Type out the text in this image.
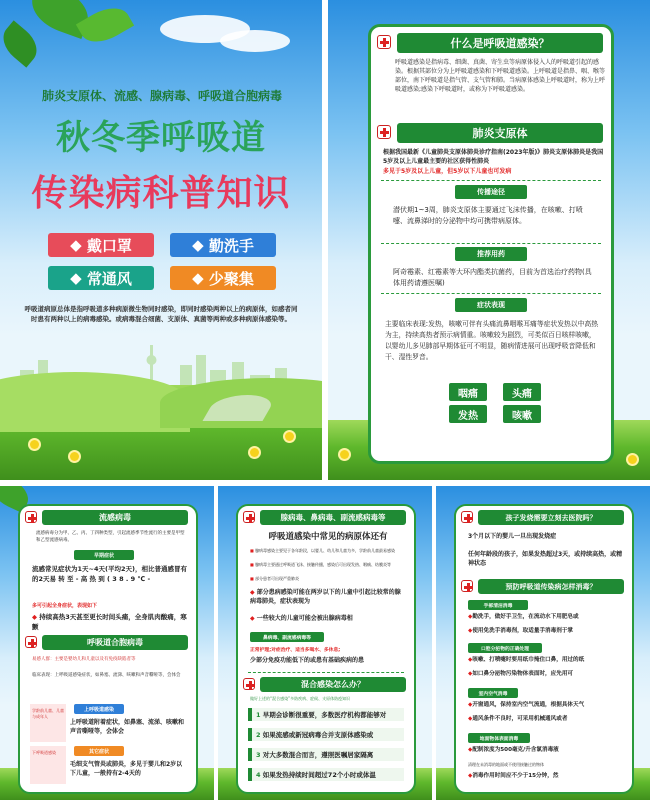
肺炎支原体、流感、腺病毒、呼吸道合胞病毒
秋冬季呼吸道
传染病科普知识
◆ 戴口罩	◆ 勤洗手
◆ 常通风	◆ 少聚集
呼吸道病原总体是指呼吸道多种病原微生物同时感染，即同时感染两种以上的病原体，如感者同时患有两种以上的病毒感染。或病毒混合细菌、支原体、真菌等两种或多种病原体感染等。
什么是呼吸道感染？
呼吸道感染是指病毒、细菌、真菌、寄生虫等病原体侵入人的呼吸道引起的感染。根据其部位分为上呼吸道感染和下呼吸道感染。上呼吸道是指鼻、咽、喉等部位，南下呼吸道是指气管、支气管和肺。当病原体感染上呼吸道时，称为上呼吸道感染;感染下呼吸道时，或称为下呼吸道感染。
肺炎支原体
根据我国最新《儿童肺炎支原体肺炎诊疗指南(2023年版)》肺炎支原体肺炎是我国5岁及以上儿童最主要的社区获得性肺炎
多见于5岁及以上儿童，但5岁以下儿童也可发病
传播途径
潜伏期1~3周，肺炎支原体主要通过飞沫传播，在咳嗽、打喷嚏、流鼻涕时的分泌物中均可携带病原体。
推荐用药
阿奇霉素、红霉素等大环内酯类抗菌药，目前为首选治疗药物(具体用药请遵医嘱)
症状表现
主要临床表现:发热，咳嗽可伴有头痛流鼻咽喉耳痛等症状发热以中高热为主，持续高热者预示病情重。咳嗽较为剧烈，可类似百日咳样咳嗽，以婴幼儿多见肺部早期体征可不明显，随病情进展可出现呼吸音降低和干、湿性罗音。
咽痛	头痛
发热	咳嗽
流感病毒
流感病毒分为甲、乙、丙、丁四种类型，引起流感季节性流行的主要是甲型和乙型流感病毒。
早期症状
流感常见症状为1天~4天(平均2天)，相比普通感冒有的2天易 转 至 - 高 热 到 ( 3 8 . 9 ℃ -
多可引起全身症状，表现如下
◆ 持续高热3天甚至更长时间头痛，全身肌肉酸痛，寒颤
呼吸道合胞病毒
易感人群：主要是婴幼儿和儿童以及有免疫缺陷者等
临床表现：上呼吸道感染症状，如鼻塞、流涕、咳嗽和声音嘶哑等，会体会
学龄前儿童、儿童与成年人
上呼吸道感染
上呼吸道附着症状，如鼻塞、流涕、咳嗽和声音嘶哑等，会体会
下呼吸道感染	其它症状
毛细支气管炎或肺炎，多见于婴儿和2岁以下儿童，一般持有2-4天的
腺病毒、鼻病毒、副流感病毒等
呼吸道感染中常见的病原体还有
■ 腺病毒感染主要见于各年龄段，以婴儿、幼儿和儿童为多，学龄前儿童最易感染
■ 腺病毒主要通过呼吸道飞沫、接触传播，感染后可出现发热、咽痛、结膜炎等
■ 部分患者可出现严重肺炎
◆ 部分患病感染可能在两岁以下的儿童中引起比较常的腺病毒肺炎，症状表现为
◆ 一些较大的儿童可能会被出腺病毒相
鼻病毒、副流感病毒等
正常护理;对症治疗、适当多喝水、多休息;
少部分免疫功能低下的或患有基础疾病的患
混合感染怎么办？
做好上述的“混合感染”多防疾病、症候、支原体防疫知识
1 早期会诊断很重要，多数医疗机构都能够对
2 如果流感或新冠病毒合并支原体感染或
3 对大多数混合而言，遵照医嘱居家隔离
4 如果发热持续时间超过72个小时或体温
孩子发烧需要立刻去医院吗？
3个月以下的婴儿一旦出现发烧症
任何年龄段的孩子，如果发热超过3天，或持续高热，或精神状态
预防呼吸道传染病怎样消毒？
手部清洁消毒
◆勤洗手，做好手卫生，在流动水下用肥皂或
◆使用免洗手消毒剂，取适量手消毒剂于掌
口腔分泌物的正确处理
◆咳嗽、打喷嚏时要用纸巾掩住口鼻，用过的纸
◆如口鼻分泌物污染物体表面时，应先用可
室内空气消毒
◆开窗通风，保持室内空气流通，根据具体天气
◆通风条件不良时，可采用机械通风或者
地面物体表面消毒
◆配制浓度为500毫克/升含氯消毒液
清理在未消毒的地面或不使用接触过的物体
◆消毒作用时间应不少于15分钟，然
